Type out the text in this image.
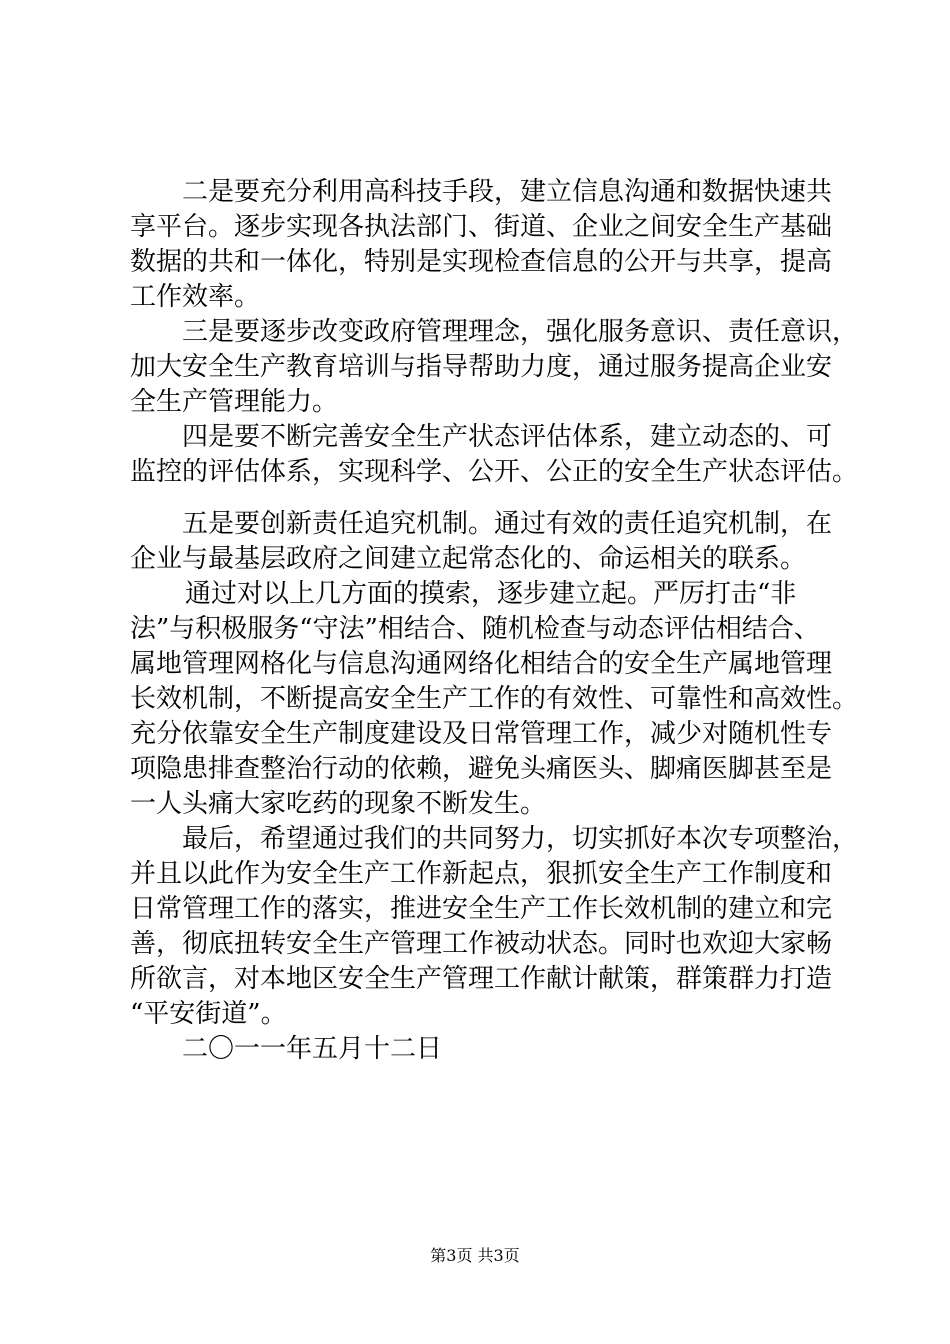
二是要充分利用高科技手段，建立信息沟通和数据快速共
享平台。逐步实现各执法部门、街道、企业之间安全生产基础
数据的共和一体化，特别是实现检查信息的公开与共享，提高
工作效率。
三是要逐步改变政府管理理念，强化服务意识、责任意识，
加大安全生产教育培训与指导帮助力度，通过服务提高企业安
全生产管理能力。
四是要不断完善安全生产状态评估体系，建立动态的、可
监控的评估体系，实现科学、公开、公正的安全生产状态评估。
五是要创新责任追究机制。通过有效的责任追究机制，在
企业与最基层政府之间建立起常态化的、命运相关的联系。
通过对以上几方面的摸索，逐步建立起。严厉打击“非
法”与积极服务“守法”相结合、随机检查与动态评估相结合、
属地管理网格化与信息沟通网络化相结合的安全生产属地管理
长效机制，不断提高安全生产工作的有效性、可靠性和高效性。
充分依靠安全生产制度建设及日常管理工作，减少对随机性专
项隐患排查整治行动的依赖，避免头痛医头、脚痛医脚甚至是
一人头痛大家吃药的现象不断发生。
最后，希望通过我们的共同努力，切实抓好本次专项整治，
并且以此作为安全生产工作新起点，狠抓安全生产工作制度和
日常管理工作的落实，推进安全生产工作长效机制的建立和完
善，彻底扭转安全生产管理工作被动状态。同时也欢迎大家畅
所欲言，对本地区安全生产管理工作献计献策，群策群力打造
“平安街道”。
二〇一一年五月十二日
第3页 共3页
